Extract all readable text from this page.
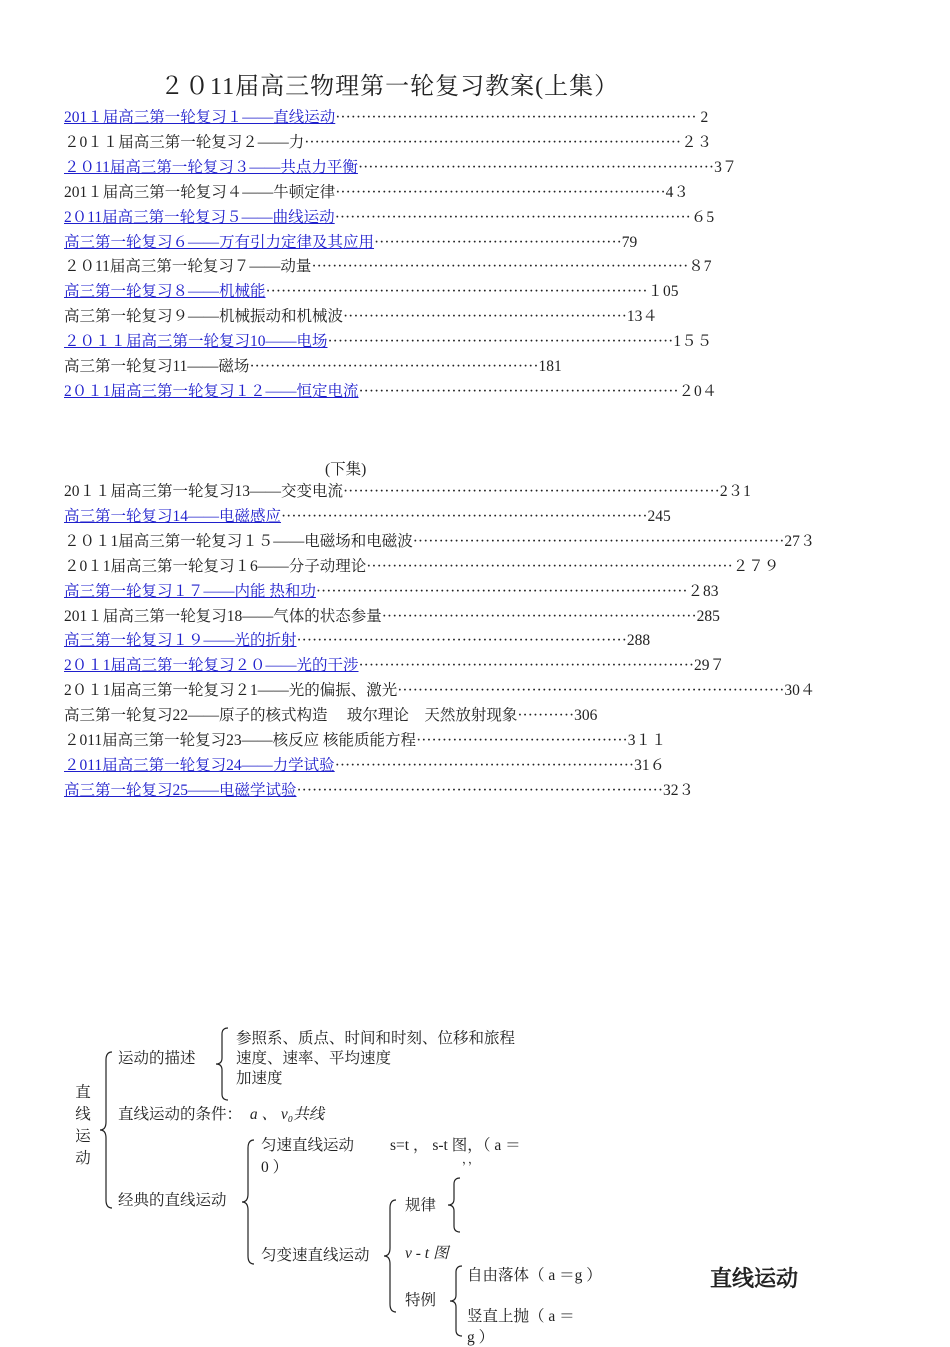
２０11届高三物理第一轮复习教案(上集）
201１届高三第一轮复习１——直线运动······································································ 2
２0１１届高三第一轮复习２——力·········································································２３
２０11届高三第一轮复习３——共点力平衡·····································································3７
201１届高三第一轮复习４——牛顿定律································································4３
2０11届高三第一轮复习５——曲线运动·····································································６5
高三第一轮复习６——万有引力定律及其应用················································79
２０11届高三第一轮复习７——动量·········································································８7
高三第一轮复习８——机械能··········································································１05
高三第一轮复习９——机械振动和机械波·······················································13４
２０１１届高三第一轮复习10——电场···································································1５５
高三第一轮复习11——磁场························································181
2０１1届高三第一轮复习１２——恒定电流······························································２0４
(下集)
20１１届高三第一轮复习13——交变电流·········································································2３1
高三第一轮复习14——电磁感应·······································································245
２０１1届高三第一轮复习１５——电磁场和电磁波········································································27３
２0１1届高三第一轮复习１6——分子动理论·······································································２７９
高三第一轮复习１７——内能 热和功········································································２83
201１届高三第一轮复习18——气体的状态参量·····························································285
高三第一轮复习１９——光的折射································································288
2０１1届高三第一轮复习２０——光的干涉·································································29７
2０１1届高三第一轮复习２1——光的偏振、激光···········································································30４
高三第一轮复习22——原子的核式构造　 玻尔理论　天然放射现象···········306
２011届高三第一轮复习23——核反应 核能质能方程·········································3１１
２011届高三第一轮复习24——力学试验··························································31６
高三第一轮复习25——电磁学试验·······································································32３
直
线
运
动
运动的描述
参照系、质点、时间和时刻、位移和旅程
速度、速率、平均速度
加速度
直线运动的条件： a 、 v₀共线
经典的直线运动
匀速直线运动 s=t ， s-t 图，（ a ＝
0 ）	，，
匀变速直线运动
规律
v - t 图
特例
自由落体（ a ＝g ）
竖直上抛（ a ＝
g ）
直线运动
